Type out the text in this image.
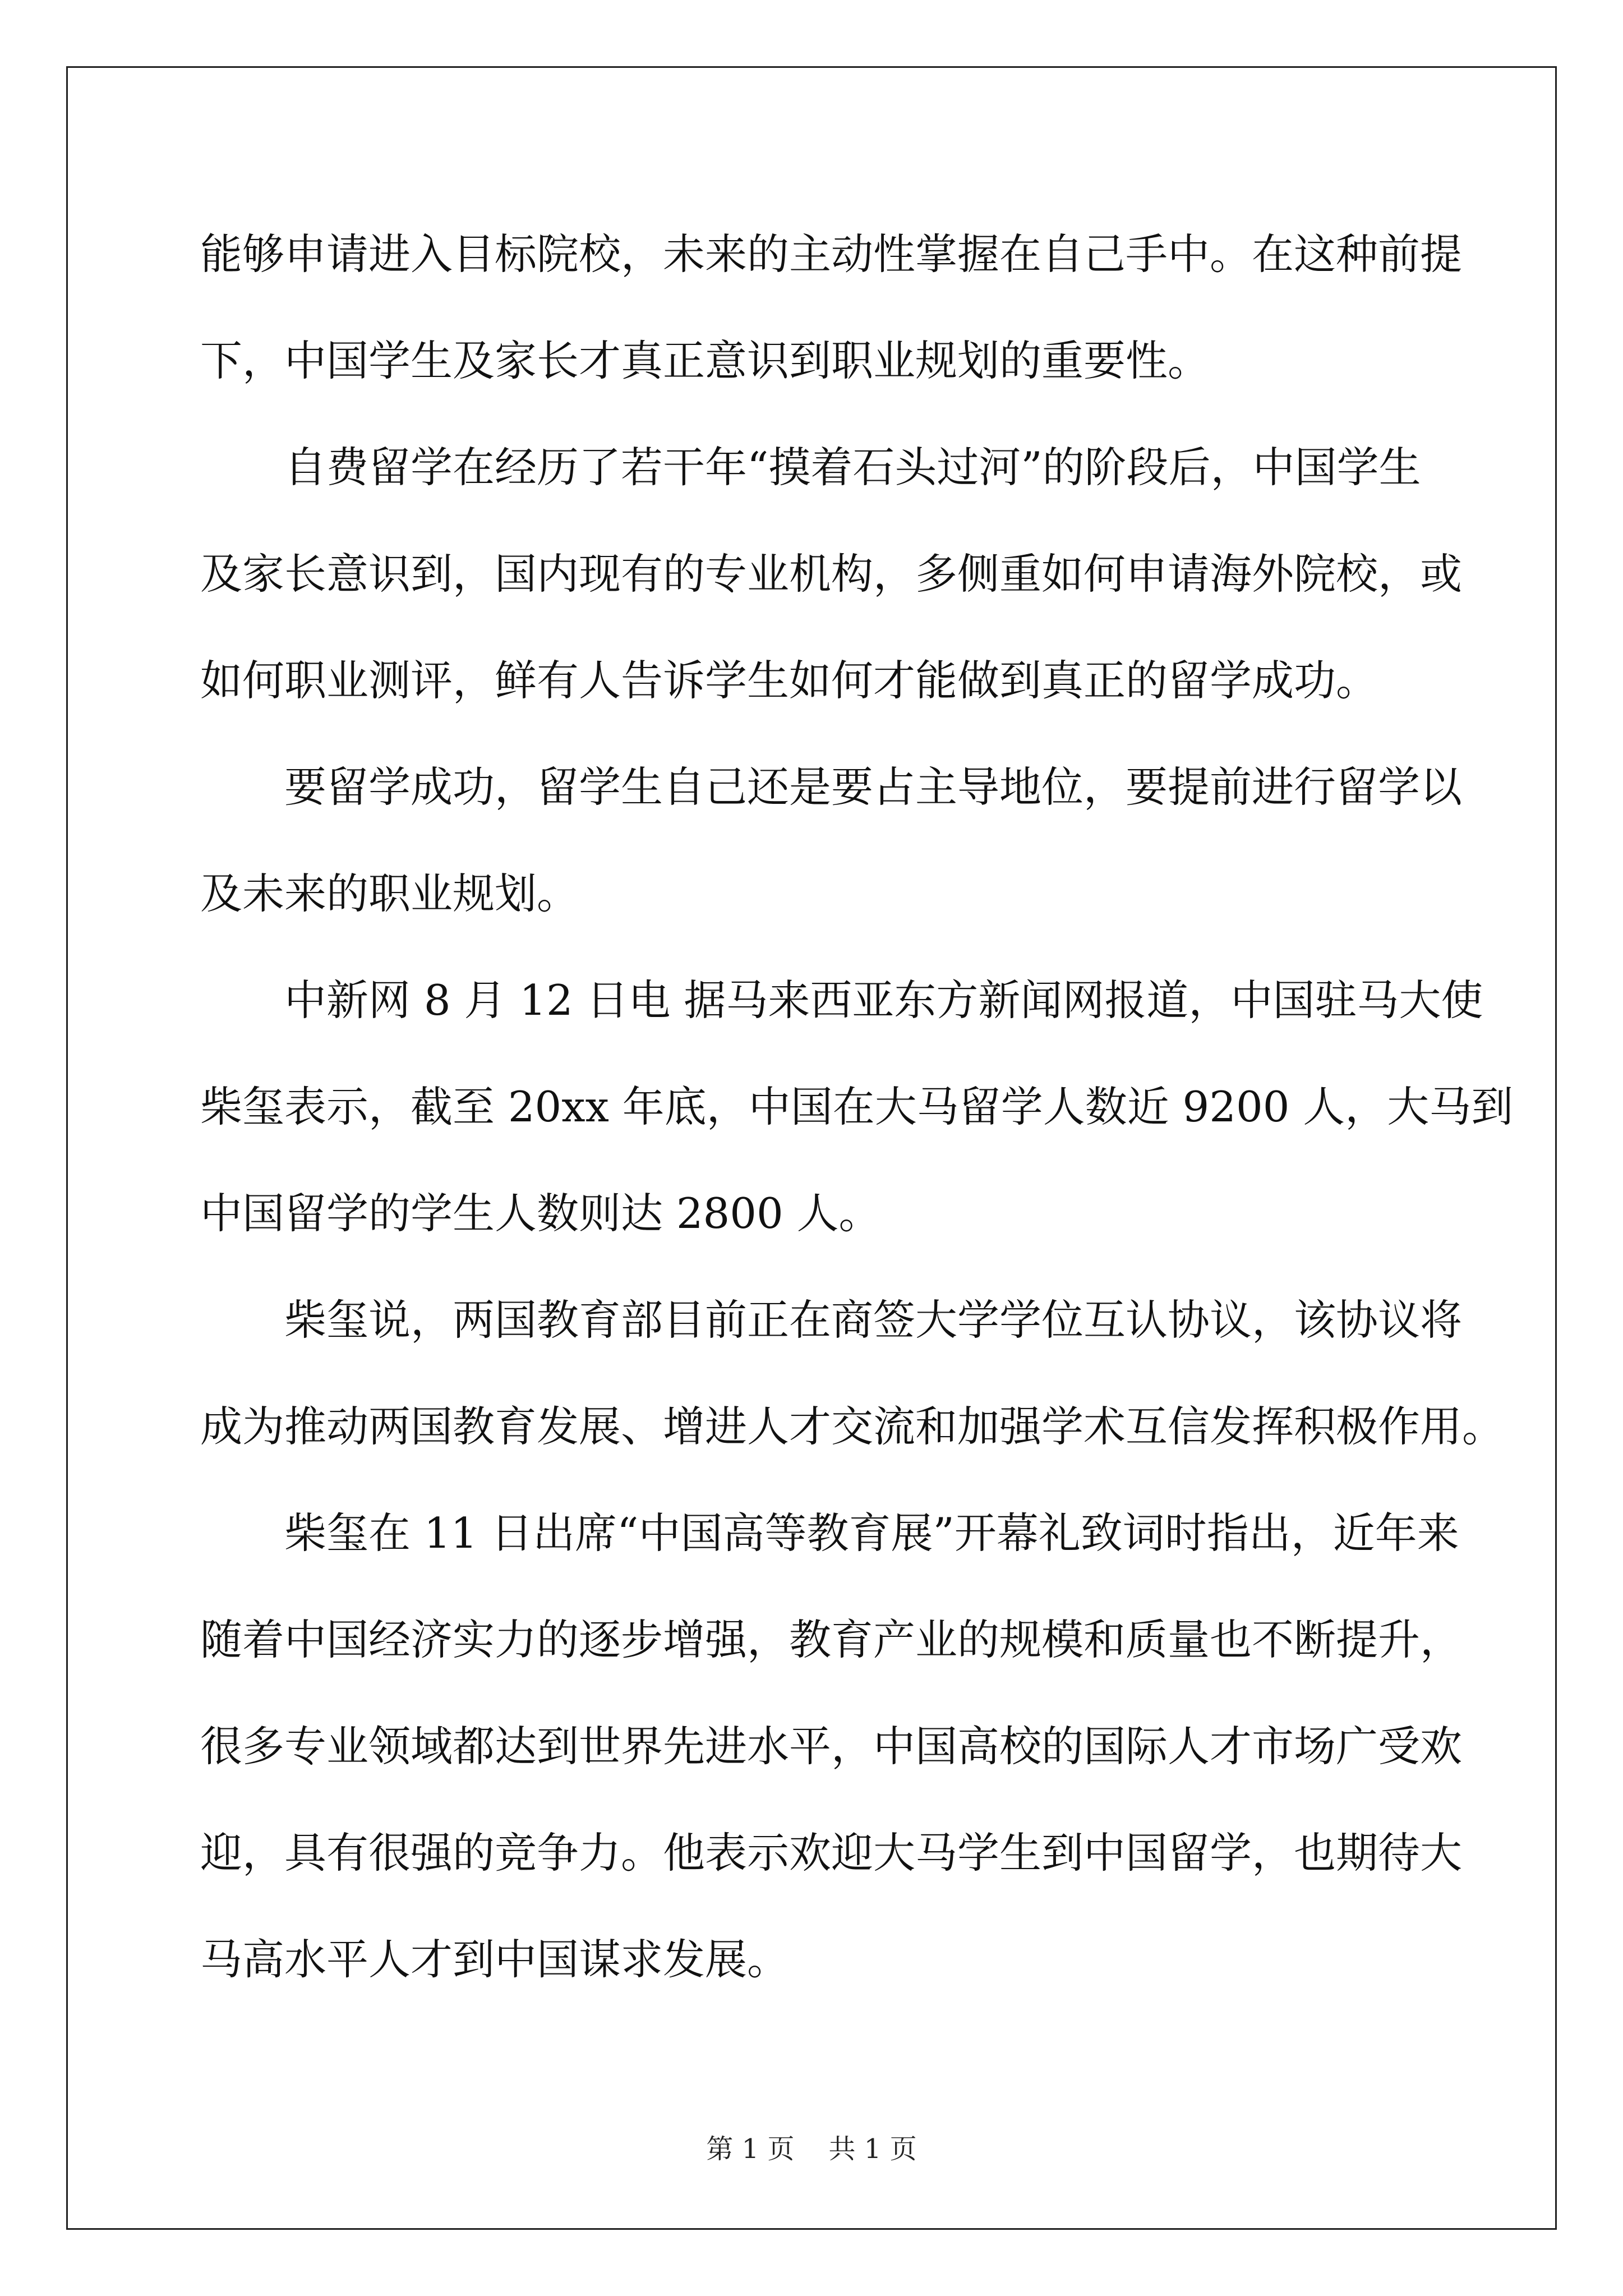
能够申请进入目标院校，未来的主动性掌握在自己手中。在这种前提
下，中国学生及家长才真正意识到职业规划的重要性。
自费留学在经历了若干年“摸着石头过河”的阶段后，中国学生
及家长意识到，国内现有的专业机构，多侧重如何申请海外院校，或
如何职业测评，鲜有人告诉学生如何才能做到真正的留学成功。
要留学成功，留学生自己还是要占主导地位，要提前进行留学以
及未来的职业规划。
中新网 8 月 12 日电 据马来西亚东方新闻网报道，中国驻马大使
柴玺表示，截至 20xx 年底，中国在大马留学人数近 9200 人，大马到
中国留学的学生人数则达 2800 人。
柴玺说，两国教育部目前正在商签大学学位互认协议，该协议将
成为推动两国教育发展、增进人才交流和加强学术互信发挥积极作用。
柴玺在 11 日出席“中国高等教育展”开幕礼致词时指出，近年来
随着中国经济实力的逐步增强，教育产业的规模和质量也不断提升，
很多专业领域都达到世界先进水平，中国高校的国际人才市场广受欢
迎，具有很强的竞争力。他表示欢迎大马学生到中国留学，也期待大
马高水平人才到中国谋求发展。
第 1 页    共 1 页
